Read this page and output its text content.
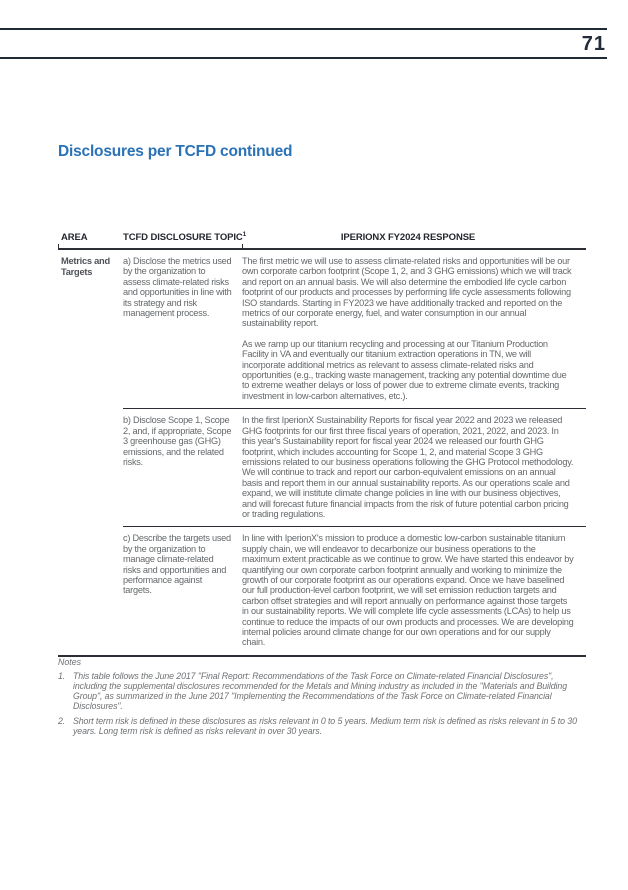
71
Disclosures per TCFD continued
AREA	TCFD DISCLOSURE TOPIC$^1$	IPERIONX FY2024 RESPONSE
Metrics and Targets	a) Disclose the metrics used by the organization to assess climate-related risks and opportunities in line with its strategy and risk management process.	The first metric we will use to assess climate-related risks and opportunities will be our own corporate carbon footprint (Scope 1, 2, and 3 GHG emissions) which we will track and report on an annual basis. We will also determine the embodied life cycle carbon footprint of our products and processes by performing life cycle assessments following ISO standards. Starting in FY2023 we have additionally tracked and reported on the metrics of our corporate energy, fuel, and water consumption in our annual sustainability report.

As we ramp up our titanium recycling and processing at our Titanium Production Facility in VA and eventually our titanium extraction operations in TN, we will incorporate additional metrics as relevant to assess climate-related risks and opportunities (e.g., tracking waste management, tracking any potential downtime due to extreme weather delays or loss of power due to extreme climate events, tracking investment in low-carbon alternatives, etc.).

	b) Disclose Scope 1, Scope 2, and, if appropriate, Scope 3 greenhouse gas (GHG) emissions, and the related risks.	In the first IperionX Sustainability Reports for fiscal year 2022 and 2023 we released GHG footprints for our first three fiscal years of operation, 2021, 2022, and 2023. In this year's Sustainability report for fiscal year 2024 we released our fourth GHG footprint, which includes accounting for Scope 1, 2, and material Scope 3 GHG emissions related to our business operations following the GHG Protocol methodology. We will continue to track and report our carbon-equivalent emissions on an annual basis and report them in our annual sustainability reports. As our operations scale and expand, we will institute climate change policies in line with our business objectives, and will forecast future financial impacts from the risk of future potential carbon pricing or trading regulations.

	c) Describe the targets used by the organization to manage climate-related risks and opportunities and performance against targets.	In line with IperionX's mission to produce a domestic low-carbon sustainable titanium supply chain, we will endeavor to decarbonize our business operations to the maximum extent practicable as we continue to grow. We have started this endeavor by quantifying our own corporate carbon footprint annually and working to minimize the growth of our corporate footprint as our operations expand. Once we have baselined our full production-level carbon footprint, we will set emission reduction targets and carbon offset strategies and will report annually on performance against those targets in our sustainability reports. We will complete life cycle assessments (LCAs) to help us continue to reduce the impacts of our own products and processes. We are developing internal policies around climate change for our own operations and for our supply chain.

Notes

1. This table follows the June 2017 "Final Report: Recommendations of the Task Force on Climate-related Financial Disclosures", including the supplemental disclosures recommended for the Metals and Mining industry as included in the "Materials and Building Group", as summarized in the June 2017 "Implementing the Recommendations of the Task Force on Climate-related Financial Disclosures".
2. Short term risk is defined in these disclosures as risks relevant in 0 to 5 years. Medium term risk is defined as risks relevant in 5 to 30 years. Long term risk is defined as risks relevant in over 30 years.
